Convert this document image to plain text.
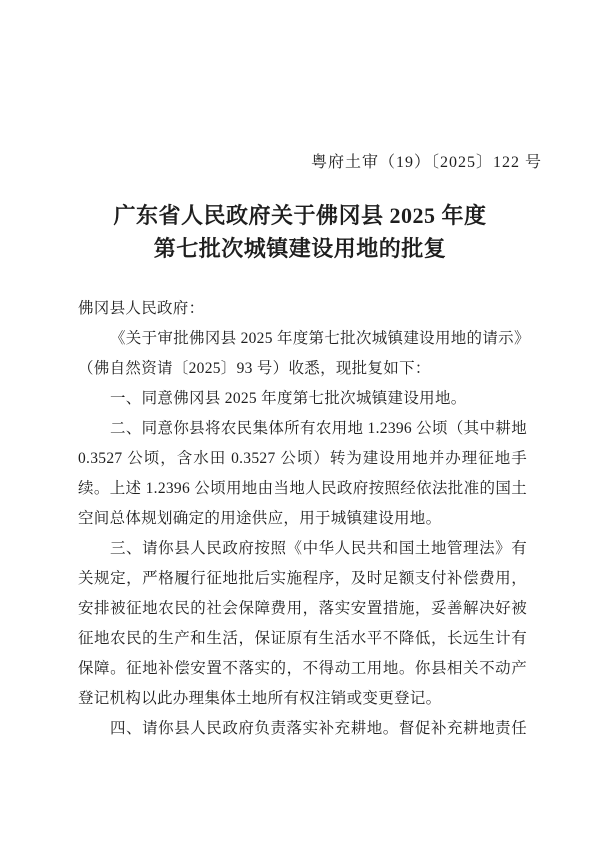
粤府土审（19）〔2025〕122 号
广东省人民政府关于佛冈县 2025 年度
第七批次城镇建设用地的批复
佛冈县人民政府：
《关于审批佛冈县 2025 年度第七批次城镇建设用地的请示》
（佛自然资请〔2025〕93 号）收悉，现批复如下：
一、同意佛冈县 2025 年度第七批次城镇建设用地。
二、同意你县将农民集体所有农用地 1.2396 公顷（其中耕地
0.3527 公顷，含水田 0.3527 公顷）转为建设用地并办理征地手
续。上述 1.2396 公顷用地由当地人民政府按照经依法批准的国土
空间总体规划确定的用途供应，用于城镇建设用地。
三、请你县人民政府按照《中华人民共和国土地管理法》有
关规定，严格履行征地批后实施程序，及时足额支付补偿费用，
安排被征地农民的社会保障费用，落实安置措施，妥善解决好被
征地农民的生产和生活，保证原有生活水平不降低，长远生计有
保障。征地补偿安置不落实的，不得动工用地。你县相关不动产
登记机构以此办理集体土地所有权注销或变更登记。
四、请你县人民政府负责落实补充耕地。督促补充耕地责任
